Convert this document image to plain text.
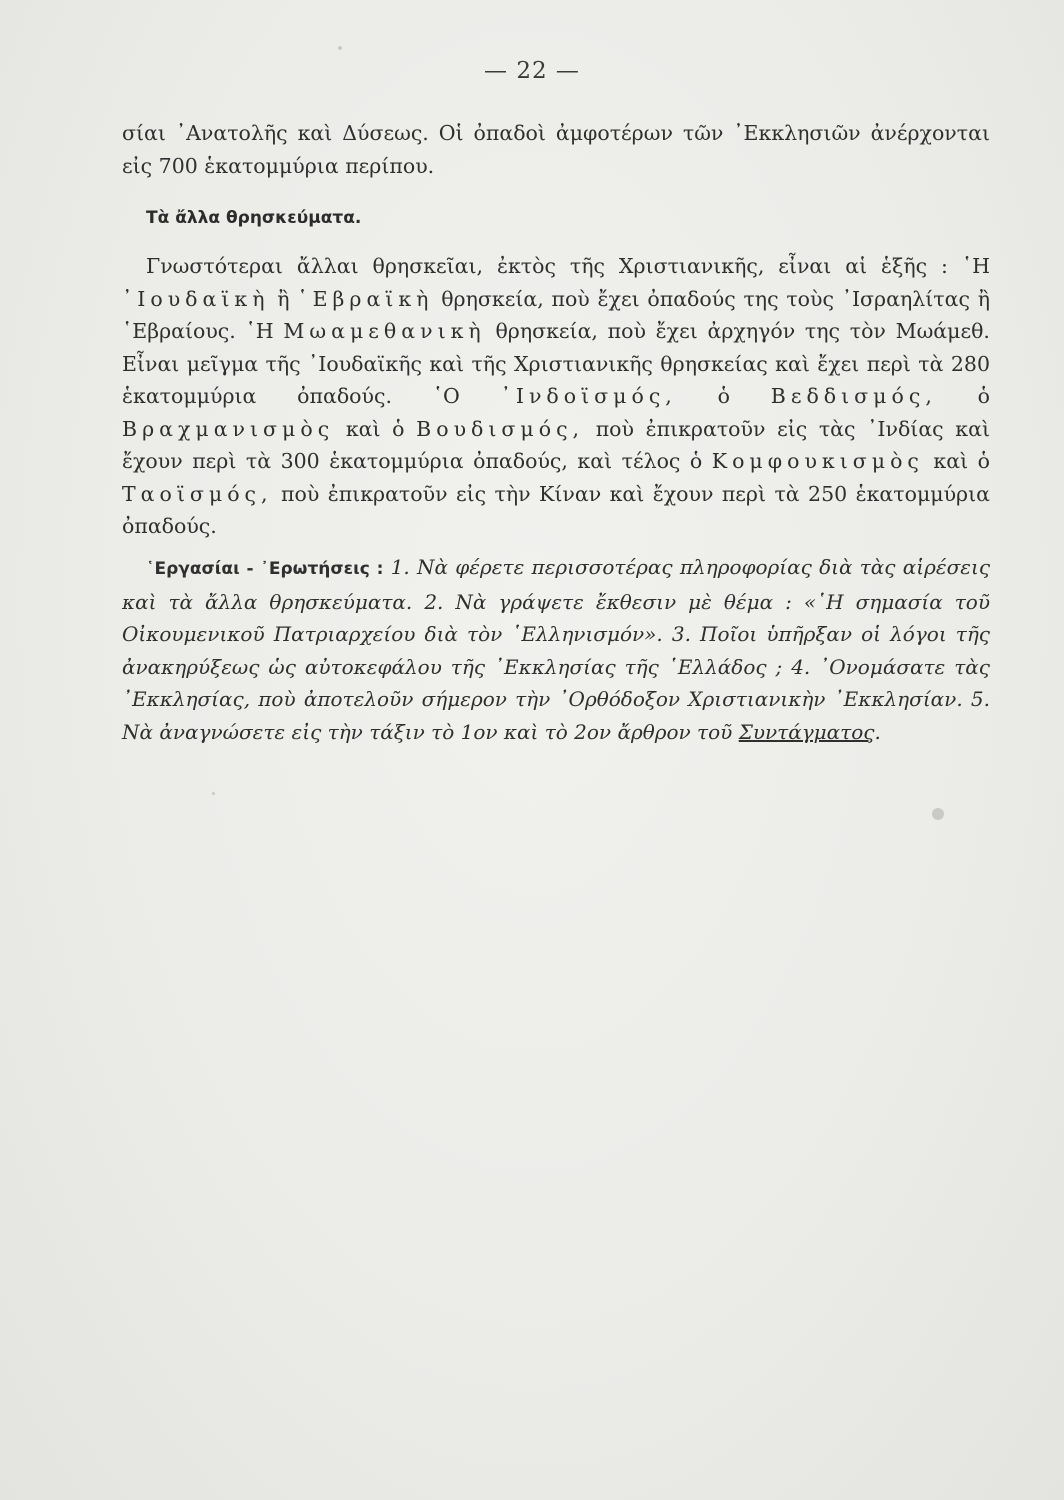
— 22 —
σίαι ᾿Ανατολῆς καὶ Δύσεως. Οἱ ὀπαδοὶ ἀμφοτέρων τῶν ᾿Εκκλησιῶν ἀνέρχονται εἰς 700 ἑκατομμύρια περίπου.
Τὰ ἄλλα θρησκεύματα.
Γνωστότεραι ἄλλαι θρησκεῖαι, ἐκτὸς τῆς Χριστιανικῆς, εἶναι αἱ ἑξῆς : ῾Η ᾿Ιουδαϊκὴ ἢ ῾Εβραϊκὴ θρησκεία, ποὺ ἔχει ὀπαδούς της τοὺς ᾿Ισραηλίτας ἢ ῾Εβραίους. ῾Η Μωαμεθανικὴ θρησκεία, ποὺ ἔχει ἀρχηγόν της τὸν Μωάμεθ. Εἶναι μεῖγμα τῆς ᾿Ιουδαϊκῆς καὶ τῆς Χριστιανικῆς θρησκείας καὶ ἔχει περὶ τὰ 280 ἑκατομμύρια ὀπαδούς. ῾Ο ᾿Ινδοϊσμός, ὁ Βεδδισμός, ὁ Βραχμανισμὸς καὶ ὁ Βουδισμός, ποὺ ἐπικρατοῦν εἰς τὰς ᾿Ινδίας καὶ ἔχουν περὶ τὰ 300 ἑκατομμύρια ὀπαδούς, καὶ τέλος ὁ Κομφουκισμὸς καὶ ὁ Ταοϊσμός, ποὺ ἐπικρατοῦν εἰς τὴν Κίναν καὶ ἔχουν περὶ τὰ 250 ἑκατομμύρια ὀπαδούς.
῾Εργασίαι - ᾿Ερωτήσεις : 1. Νὰ φέρετε περισσοτέρας πληροφορίας διὰ τὰς αἱρέσεις καὶ τὰ ἄλλα θρησκεύματα. 2. Νὰ γράψετε ἔκθεσιν μὲ θέμα : «῾Η σημασία τοῦ Οἰκουμενικοῦ Πατριαρχείου διὰ τὸν ῾Ελληνισμόν». 3. Ποῖοι ὑπῆρξαν οἱ λόγοι τῆς ἀνακηρύξεως ὡς αὐτοκεφάλου τῆς ᾿Εκκλησίας τῆς ῾Ελλάδος ; 4. ᾿Ονομάσατε τὰς ᾿Εκκλησίας, ποὺ ἀποτελοῦν σήμερον τὴν ᾿Ορθόδοξον Χριστιανικὴν ᾿Εκκλησίαν. 5. Νὰ ἀναγνώσετε εἰς τὴν τάξιν τὸ 1ον καὶ τὸ 2ον ἄρθρον τοῦ Συντάγματος.
